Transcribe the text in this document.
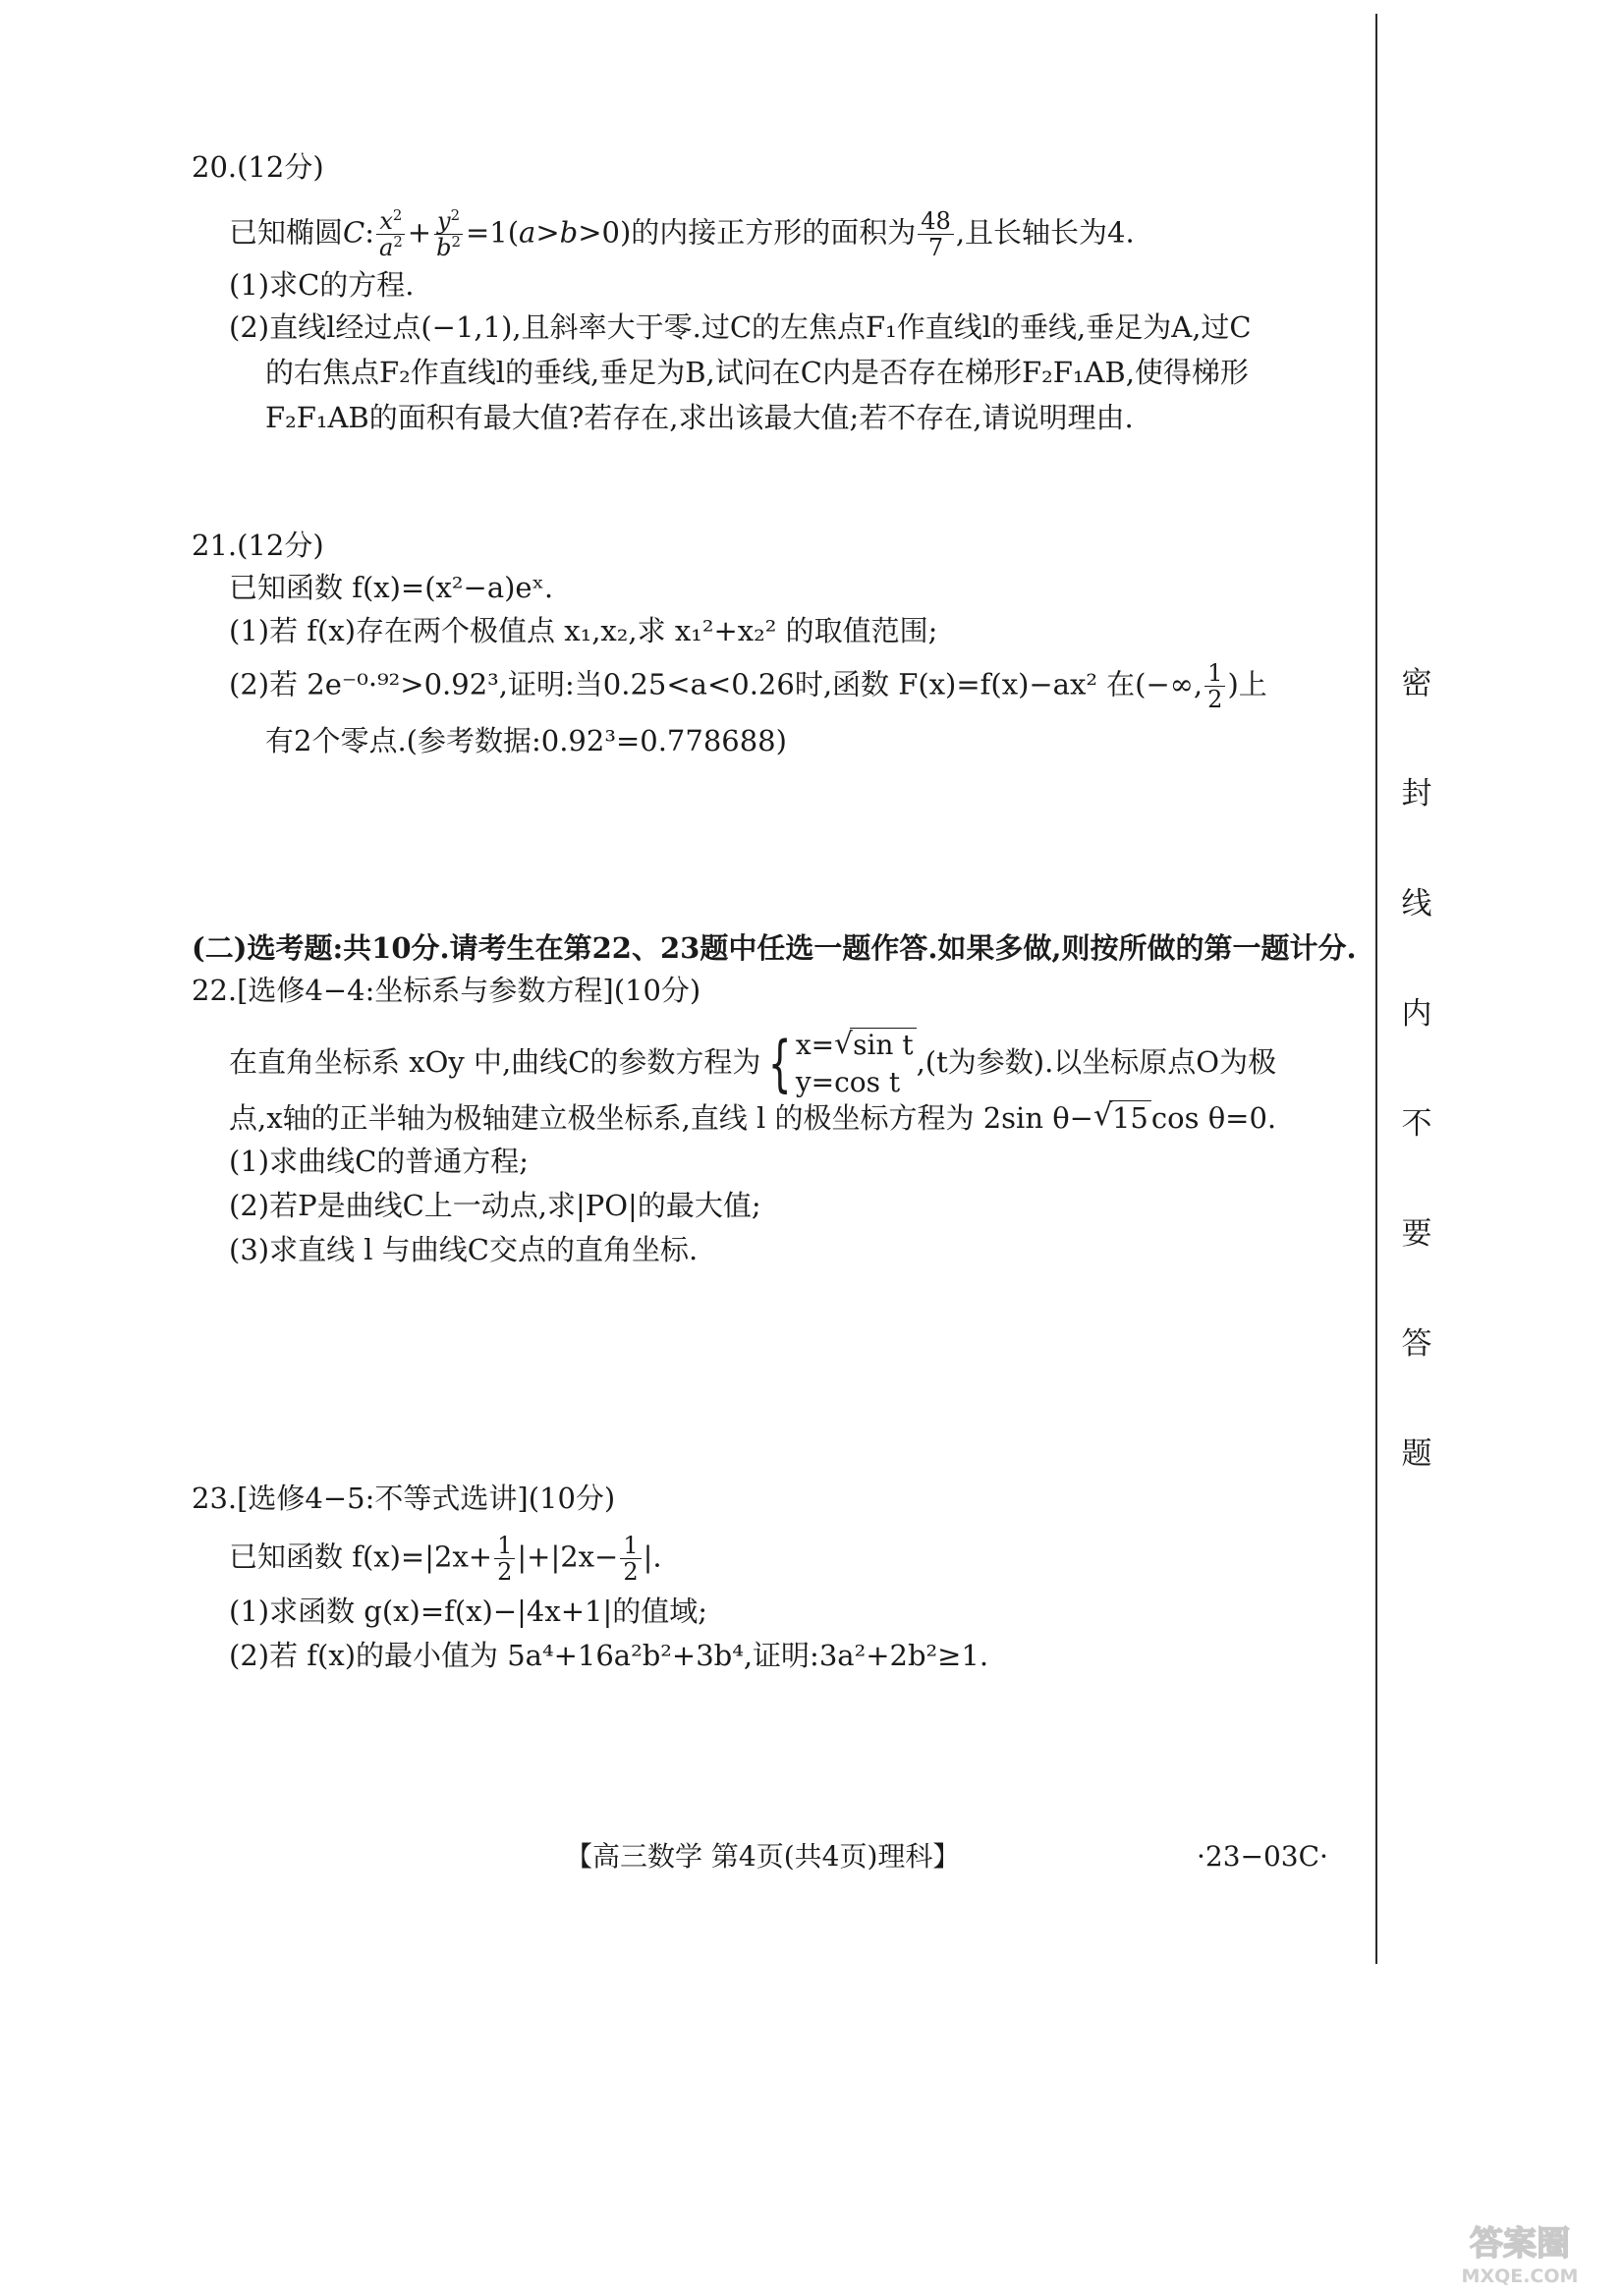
20.(12分)
已知椭圆C: $\frac{x^2}{a^2} + \frac{y^2}{b^2} =1(a>b>0)$的内接正方形的面积为 $\frac{48}{7}$ ,且长轴长为4.
(1)求C的方程.
(2)直线l经过点(−1,1),且斜率大于零.过C的左焦点F₁作直线l的垂线,垂足为A,过C
的右焦点F₂作直线l的垂线,垂足为B,试问在C内是否存在梯形F₂F₁AB,使得梯形
F₂F₁AB的面积有最大值?若存在,求出该最大值;若不存在,请说明理由.
21.(12分)
已知函数 f(x)=(x²−a)eˣ.
(1)若 f(x)存在两个极值点 x₁,x₂,求 x₁²+x₂² 的取值范围;
(2)若 2e⁻⁰·⁹²>0.92³,证明:当0.25<a<0.26时,函数 F(x)=f(x)−ax² 在(−∞, $\frac{1}{2}$ )上
有2个零点.(参考数据:0.92³=0.778688)
(二)选考题:共10分.请考生在第22、23题中任选一题作答.如果多做,则按所做的第一题计分.
22.[选修4−4:坐标系与参数方程](10分)
在直角坐标系 xOy 中,曲线C的参数方程为 { x= √ sin t
y=cos t
,(t为参数).以坐标原点O为极
点,x轴的正半轴为极轴建立极坐标系,直线 l 的极坐标方程为 2sin θ− √ 15 cos θ=0.
(1)求曲线C的普通方程;
(2)若P是曲线C上一动点,求|PO|的最大值;
(3)求直线 l 与曲线C交点的直角坐标.
23.[选修4−5:不等式选讲](10分)
已知函数 $f(x)=|2x+ \frac{1}{2} |+|2x- \frac{1}{2}$ |.
(1)求函数 g(x)=f(x)−|4x+1|的值域;
(2)若 f(x)的最小值为 5a⁴+16a²b²+3b⁴,证明:3a²+2b²≥1.
【高三数学 第4页(共4页)理科】	·23−03C·
密
封
线
内
不
要
答
题
答案圈
MXQE.COM
